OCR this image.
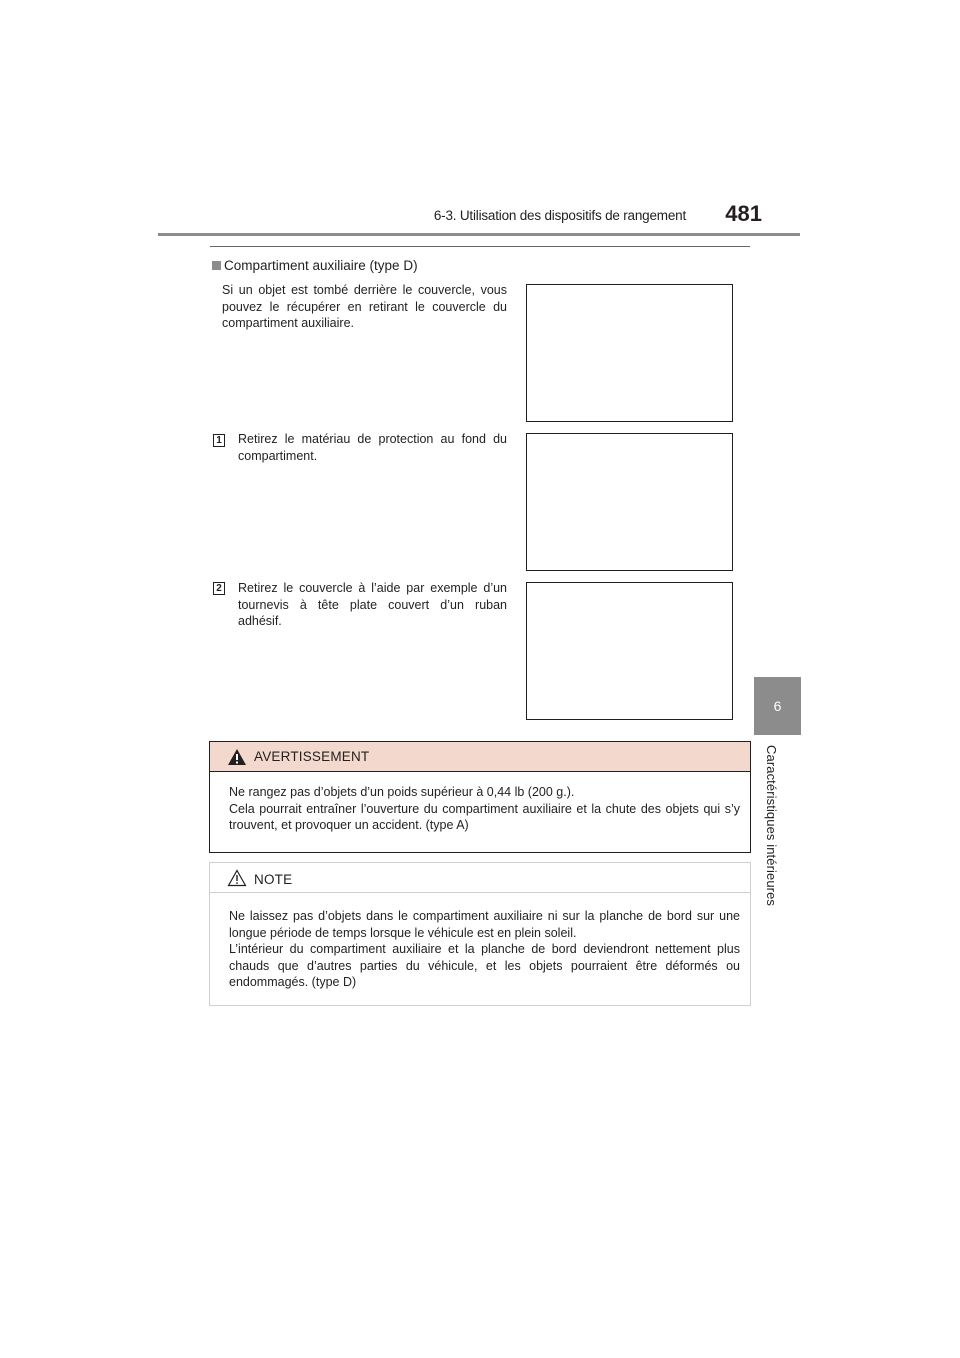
6-3. Utilisation des dispositifs de rangement	481
6
Caractéristiques intérieures
Compartiment auxiliaire (type D)
Si un objet est tombé derrière le couvercle, vous pouvez le récupérer en retirant le couvercle du compartiment auxiliaire.
1 Retirez le matériau de protection au fond du compartiment.
2 Retirez le couvercle à l’aide par exemple d’un tournevis à tête plate couvert d’un ruban adhésif.
AVERTISSEMENT
Ne rangez pas d’objets d’un poids supérieur à 0,44 lb (200 g.).
Cela pourrait entraîner l’ouverture du compartiment auxiliaire et la chute des objets qui s’y trouvent, et provoquer un accident. (type A)
NOTE
Ne laissez pas d’objets dans le compartiment auxiliaire ni sur la planche de bord sur une longue période de temps lorsque le véhicule est en plein soleil.
L’intérieur du compartiment auxiliaire et la planche de bord deviendront nettement plus chauds que d’autres parties du véhicule, et les objets pourraient être déformés ou endommagés. (type D)
